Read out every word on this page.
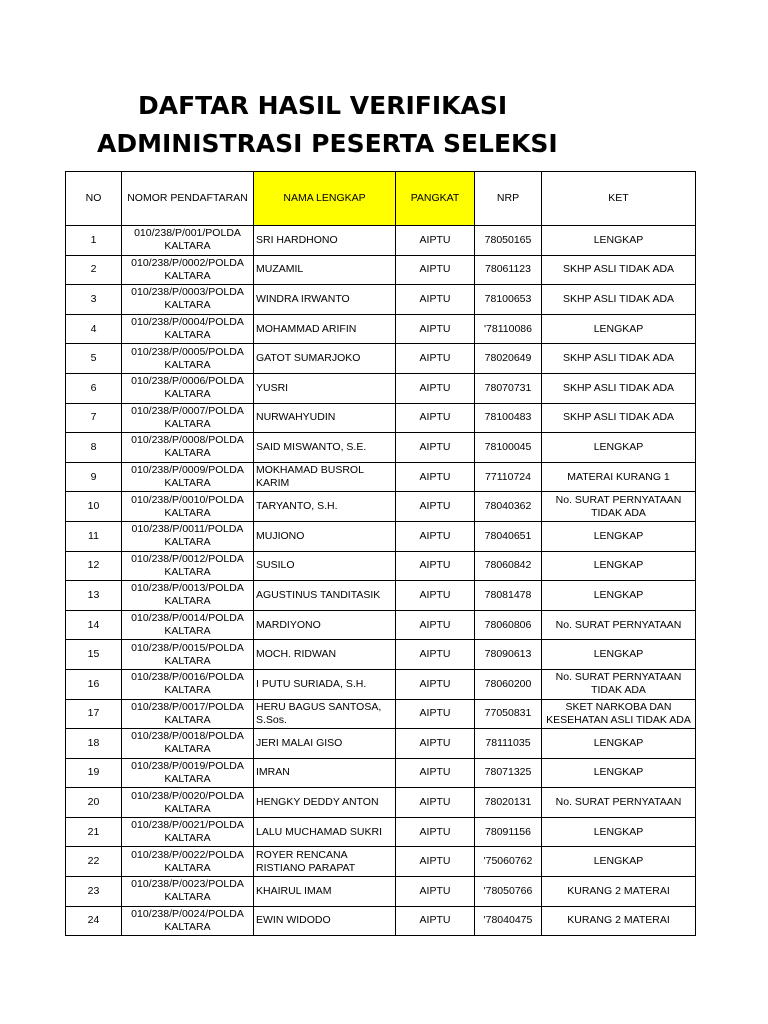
DAFTAR HASIL VERIFIKASI
ADMINISTRASI PESERTA SELEKSI
NO	NOMOR PENDAFTARAN	NAMA LENGKAP	PANGKAT	NRP	KET
1	010/238/P/001/POLDA KALTARA	SRI HARDHONO	AIPTU	78050165	LENGKAP
2	010/238/P/0002/POLDA KALTARA	MUZAMIL	AIPTU	78061123	SKHP ASLI TIDAK ADA
3	010/238/P/0003/POLDA KALTARA	WINDRA IRWANTO	AIPTU	78100653	SKHP ASLI TIDAK ADA
4	010/238/P/0004/POLDA KALTARA	MOHAMMAD ARIFIN	AIPTU	'78110086	LENGKAP
5	010/238/P/0005/POLDA KALTARA	GATOT SUMARJOKO	AIPTU	78020649	SKHP ASLI TIDAK ADA
6	010/238/P/0006/POLDA KALTARA	YUSRI	AIPTU	78070731	SKHP ASLI TIDAK ADA
7	010/238/P/0007/POLDA KALTARA	NURWAHYUDIN	AIPTU	78100483	SKHP ASLI TIDAK ADA
8	010/238/P/0008/POLDA KALTARA	SAID MISWANTO, S.E.	AIPTU	78100045	LENGKAP
9	010/238/P/0009/POLDA KALTARA	MOKHAMAD BUSROL KARIM	AIPTU	77110724	MATERAI KURANG 1
10	010/238/P/0010/POLDA KALTARA	TARYANTO, S.H.	AIPTU	78040362	No. SURAT PERNYATAAN TIDAK ADA
11	010/238/P/0011/POLDA KALTARA	MUJIONO	AIPTU	78040651	LENGKAP
12	010/238/P/0012/POLDA KALTARA	SUSILO	AIPTU	78060842	LENGKAP
13	010/238/P/0013/POLDA KALTARA	AGUSTINUS TANDITASIK	AIPTU	78081478	LENGKAP
14	010/238/P/0014/POLDA KALTARA	MARDIYONO	AIPTU	78060806	No. SURAT PERNYATAAN
15	010/238/P/0015/POLDA KALTARA	MOCH. RIDWAN	AIPTU	78090613	LENGKAP
16	010/238/P/0016/POLDA KALTARA	I PUTU SURIADA, S.H.	AIPTU	78060200	No. SURAT PERNYATAAN TIDAK ADA
17	010/238/P/0017/POLDA KALTARA	HERU BAGUS SANTOSA, S.Sos.	AIPTU	77050831	SKET NARKOBA DAN KESEHATAN ASLI TIDAK ADA
18	010/238/P/0018/POLDA KALTARA	JERI MALAI GISO	AIPTU	78111035	LENGKAP
19	010/238/P/0019/POLDA KALTARA	IMRAN	AIPTU	78071325	LENGKAP
20	010/238/P/0020/POLDA KALTARA	HENGKY DEDDY ANTON	AIPTU	78020131	No. SURAT PERNYATAAN
21	010/238/P/0021/POLDA KALTARA	LALU MUCHAMAD SUKRI	AIPTU	78091156	LENGKAP
22	010/238/P/0022/POLDA KALTARA	ROYER RENCANA RISTIANO PARAPAT	AIPTU	'75060762	LENGKAP
23	010/238/P/0023/POLDA KALTARA	KHAIRUL IMAM	AIPTU	'78050766	KURANG 2 MATERAI
24	010/238/P/0024/POLDA KALTARA	EWIN WIDODO	AIPTU	'78040475	KURANG 2 MATERAI
